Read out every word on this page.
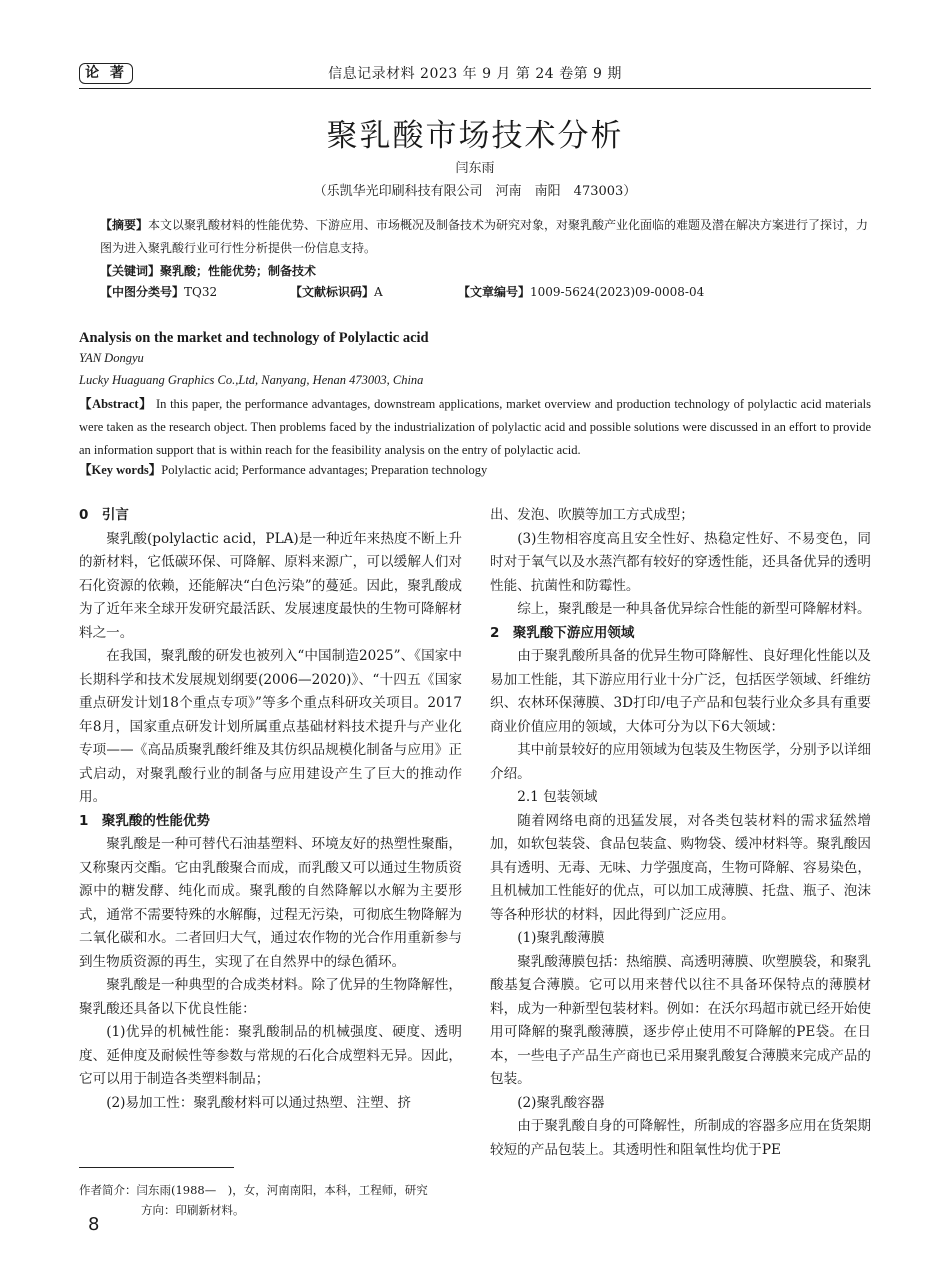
论 著	信息记录材料 2023 年 9 月 第 24 卷第 9 期
聚乳酸市场技术分析
闫东雨
（乐凯华光印刷科技有限公司　河南　南阳　473003）
【摘要】本文以聚乳酸材料的性能优势、下游应用、市场概况及制备技术为研究对象，对聚乳酸产业化面临的难题及潜在解决方案进行了探讨，力图为进入聚乳酸行业可行性分析提供一份信息支持。
【关键词】聚乳酸；性能优势；制备技术
【中图分类号】TQ32	【文献标识码】A	【文章编号】1009-5624(2023)09-0008-04
Analysis on the market and technology of Polylactic acid
YAN Dongyu
Lucky Huaguang Graphics Co.,Ltd, Nanyang, Henan 473003, China
【Abstract】 In this paper, the performance advantages, downstream applications, market overview and production technology of polylactic acid materials were taken as the research object. Then problems faced by the industrialization of polylactic acid and possible solutions were discussed in an effort to provide an information support that is within reach for the feasibility analysis on the entry of polylactic acid.
【Key words】Polylactic acid; Performance advantages; Preparation technology
0　引言

聚乳酸(polylactic acid，PLA)是一种近年来热度不断上升的新材料，它低碳环保、可降解、原料来源广，可以缓解人们对石化资源的依赖，还能解决“白色污染”的蔓延。因此，聚乳酸成为了近年来全球开发研究最活跃、发展速度最快的生物可降解材料之一。

在我国，聚乳酸的研发也被列入“中国制造2025”、《国家中长期科学和技术发展规划纲要(2006—2020)》、“十四五《国家重点研发计划18个重点专项》”等多个重点科研攻关项目。2017年8月，国家重点研发计划所属重点基础材料技术提升与产业化专项——《高品质聚乳酸纤维及其仿织品规模化制备与应用》正式启动，对聚乳酸行业的制备与应用建设产生了巨大的推动作用。

1　聚乳酸的性能优势

聚乳酸是一种可替代石油基塑料、环境友好的热塑性聚酯，又称聚丙交酯。它由乳酸聚合而成，而乳酸又可以通过生物质资源中的糖发酵、纯化而成。聚乳酸的自然降解以水解为主要形式，通常不需要特殊的水解酶，过程无污染，可彻底生物降解为二氧化碳和水。二者回归大气，通过农作物的光合作用重新参与到生物质资源的再生，实现了在自然界中的绿色循环。

聚乳酸是一种典型的合成类材料。除了优异的生物降解性，聚乳酸还具备以下优良性能：

(1)优异的机械性能：聚乳酸制品的机械强度、硬度、透明度、延伸度及耐候性等参数与常规的石化合成塑料无异。因此，它可以用于制造各类塑料制品；

(2)易加工性：聚乳酸材料可以通过热塑、注塑、挤

出、发泡、吹膜等加工方式成型；

(3)生物相容度高且安全性好、热稳定性好、不易变色，同时对于氧气以及水蒸汽都有较好的穿透性能，还具备优异的透明性能、抗菌性和防霉性。

综上，聚乳酸是一种具备优异综合性能的新型可降解材料。

2　聚乳酸下游应用领域

由于聚乳酸所具备的优异生物可降解性、良好理化性能以及易加工性能，其下游应用行业十分广泛，包括医学领域、纤维纺织、农林环保薄膜、3D打印/电子产品和包装行业众多具有重要商业价值应用的领域，大体可分为以下6大领域：

其中前景较好的应用领域为包装及生物医学，分别予以详细介绍。

2.1 包装领域

随着网络电商的迅猛发展，对各类包装材料的需求猛然增加，如软包装袋、食品包装盒、购物袋、缓冲材料等。聚乳酸因具有透明、无毒、无味、力学强度高，生物可降解、容易染色，且机械加工性能好的优点，可以加工成薄膜、托盘、瓶子、泡沫等各种形状的材料，因此得到广泛应用。

(1)聚乳酸薄膜

聚乳酸薄膜包括：热缩膜、高透明薄膜、吹塑膜袋，和聚乳酸基复合薄膜。它可以用来替代以往不具备环保特点的薄膜材料，成为一种新型包装材料。例如：在沃尔玛超市就已经开始使用可降解的聚乳酸薄膜，逐步停止使用不可降解的PE袋。在日本，一些电子产品生产商也已采用聚乳酸复合薄膜来完成产品的包装。

(2)聚乳酸容器

由于聚乳酸自身的可降解性，所制成的容器多应用在货架期较短的产品包装上。其透明性和阻氧性均优于PE

作者简介：闫东雨(1988—　)，女，河南南阳，本科，工程师，研究
方向：印刷新材料。
8
